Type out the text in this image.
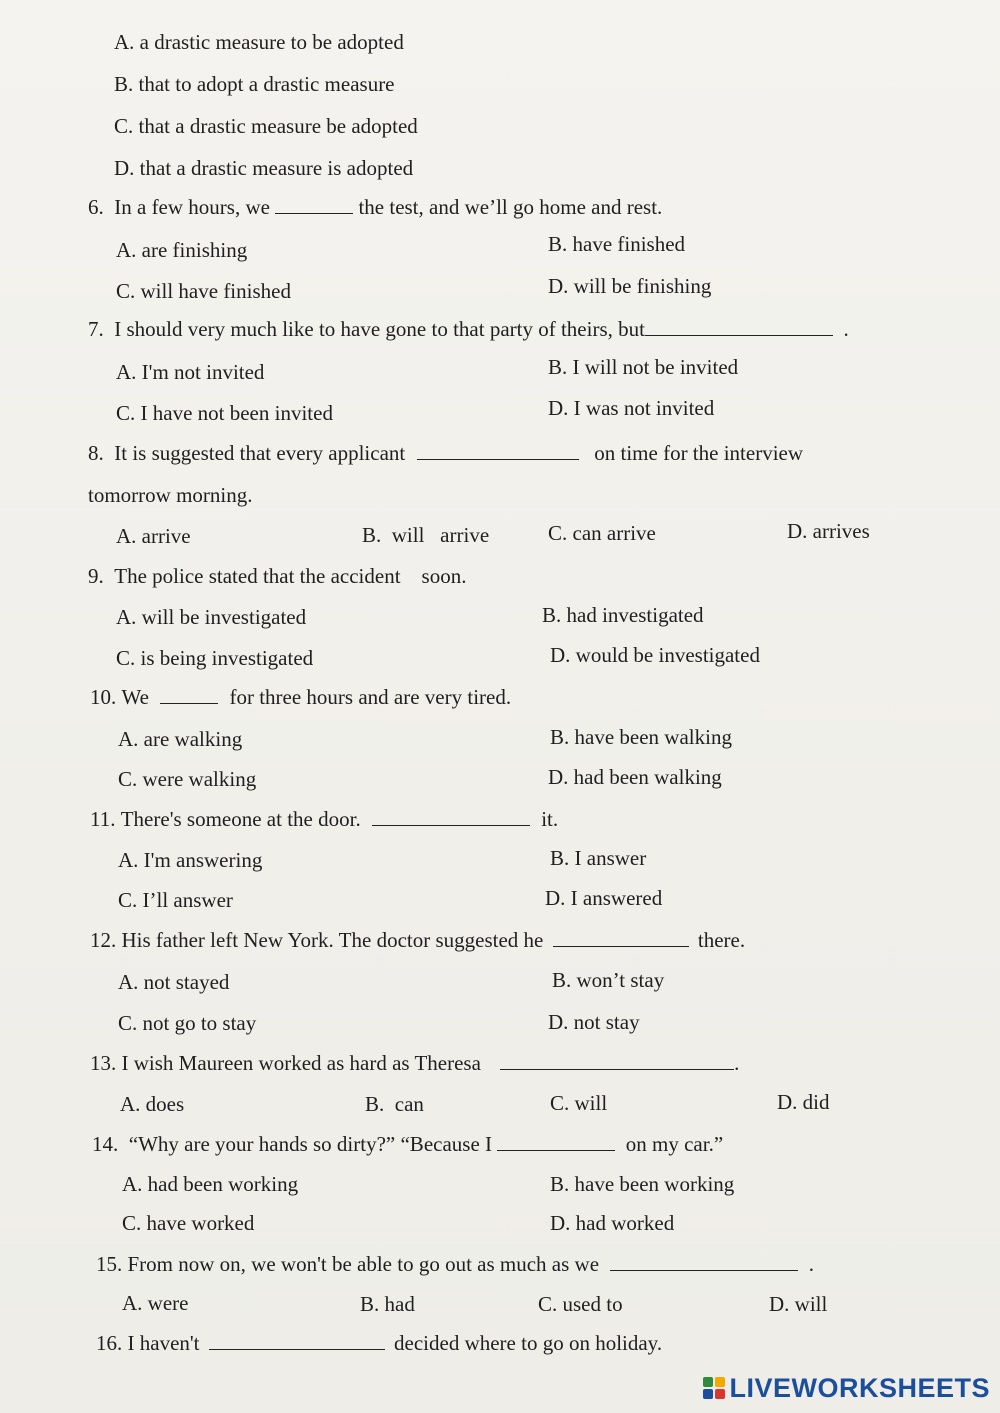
A. a drastic measure to be adopted
B. that to adopt a drastic measure
C. that a drastic measure be adopted
D. that a drastic measure is adopted
6. In a few hours, we	the test, and we’ll go home and rest.
A. are finishing	B. have finished
C. will have finished	D. will be finishing
7. I should very much like to have gone to that party of theirs, but	.
A. I'm not invited	B. I will not be invited
C. I have not been invited	D. I was not invited
8. It is suggested that every applicant	on time for the interview
tomorrow morning.
A. arrive	B.  will   arrive	C. can arrive	D. arrives
9. The police stated that the accident soon.
A. will be investigated	B. had investigated
C. is being investigated	D. would be investigated
10. We	for three hours and are very tired.
A. are walking	B. have been walking
C. were walking	D. had been walking
11. There's someone at the door.	it.
A. I'm answering	B. I answer
C. I’ll answer	D. I answered
12. His father left New York. The doctor suggested he	there.
A. not stayed	B. won’t stay
C. not go to stay	D. not stay
13. I wish Maureen worked as hard as Theresa	.
A. does	B.  can	C. will	D. did
14. “Why are your hands so dirty?” “Because I	on my car.”
A. had been working	B. have been working
C. have worked	D. had worked
15. From now on, we won't be able to go out as much as we	.
A. were	B. had	C. used to	D. will
16. I haven't	decided where to go on holiday.
LIVEWORKSHEETS
